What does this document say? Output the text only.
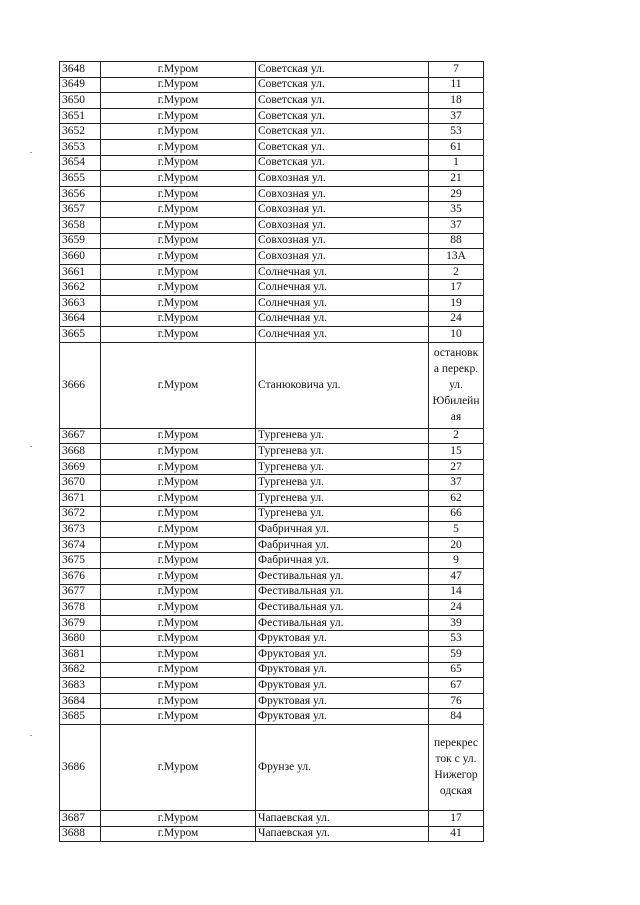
3648	г.Муром	Советская ул.	7
3649	г.Муром	Советская ул.	11
3650	г.Муром	Советская ул.	18
3651	г.Муром	Советская ул.	37
3652	г.Муром	Советская ул.	53
3653	г.Муром	Советская ул.	61
3654	г.Муром	Советская ул.	1
3655	г.Муром	Совхозная ул.	21
3656	г.Муром	Совхозная ул.	29
3657	г.Муром	Совхозная ул.	35
3658	г.Муром	Совхозная ул.	37
3659	г.Муром	Совхозная ул.	88
3660	г.Муром	Совхозная ул.	13А
3661	г.Муром	Солнечная ул.	2
3662	г.Муром	Солнечная ул.	17
3663	г.Муром	Солнечная ул.	19
3664	г.Муром	Солнечная ул.	24
3665	г.Муром	Солнечная ул.	10
3666	г.Муром	Станюковича ул.	остановк
а перекр.
ул.
Юбилейн
ая

3667	г.Муром	Тургенева ул.	2
3668	г.Муром	Тургенева ул.	15
3669	г.Муром	Тургенева ул.	27
3670	г.Муром	Тургенева ул.	37
3671	г.Муром	Тургенева ул.	62
3672	г.Муром	Тургенева ул.	66
3673	г.Муром	Фабричная ул.	5
3674	г.Муром	Фабричная ул.	20
3675	г.Муром	Фабричная ул.	9
3676	г.Муром	Фестивальная ул.	47
3677	г.Муром	Фестивальная ул.	14
3678	г.Муром	Фестивальная ул.	24
3679	г.Муром	Фестивальная ул.	39
3680	г.Муром	Фруктовая ул.	53
3681	г.Муром	Фруктовая ул.	59
3682	г.Муром	Фруктовая ул.	65
3683	г.Муром	Фруктовая ул.	67
3684	г.Муром	Фруктовая ул.	76
3685	г.Муром	Фруктовая ул.	84
3686	г.Муром	Фрунзе ул.	перекрес
ток с ул.
Нижегор
одская

3687	г.Муром	Чапаевская ул.	17
3688	г.Муром	Чапаевская ул.	41
